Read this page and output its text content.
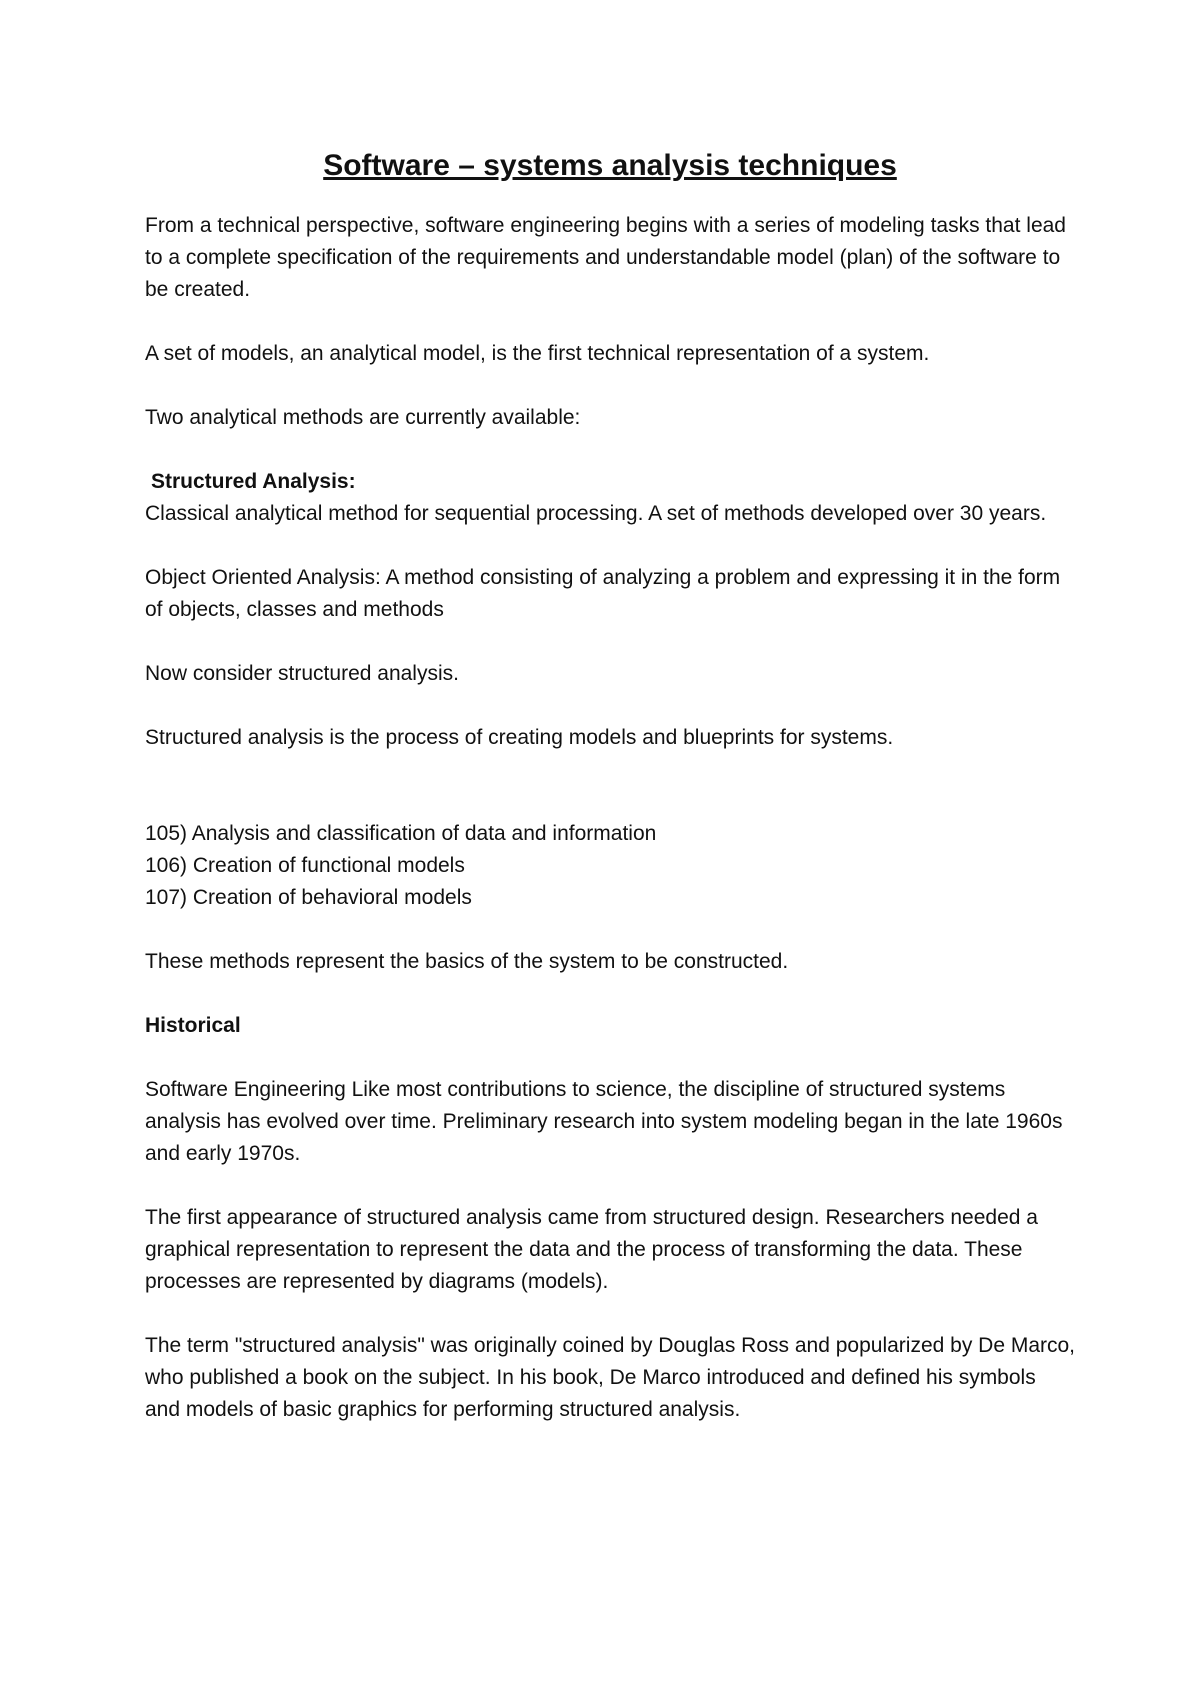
Software – systems analysis techniques

From a technical perspective, software engineering begins with a series of modeling tasks that lead to a complete specification of the requirements and understandable model (plan) of the software to be created.

A set of models, an analytical model, is the first technical representation of a system.

Two analytical methods are currently available:

Structured Analysis:

Classical analytical method for sequential processing. A set of methods developed over 30 years.

Object Oriented Analysis: A method consisting of analyzing a problem and expressing it in the form of objects, classes and methods

Now consider structured analysis.

Structured analysis is the process of creating models and blueprints for systems.

105) Analysis and classification of data and information
106) Creation of functional models
107) Creation of behavioral models

These methods represent the basics of the system to be constructed.

Historical

Software Engineering Like most contributions to science, the discipline of structured systems analysis has evolved over time. Preliminary research into system modeling began in the late 1960s and early 1970s.

The first appearance of structured analysis came from structured design. Researchers needed a graphical representation to represent the data and the process of transforming the data. These processes are represented by diagrams (models).

The term "structured analysis" was originally coined by Douglas Ross and popularized by De Marco, who published a book on the subject. In his book, De Marco introduced and defined his symbols and models of basic graphics for performing structured analysis.
